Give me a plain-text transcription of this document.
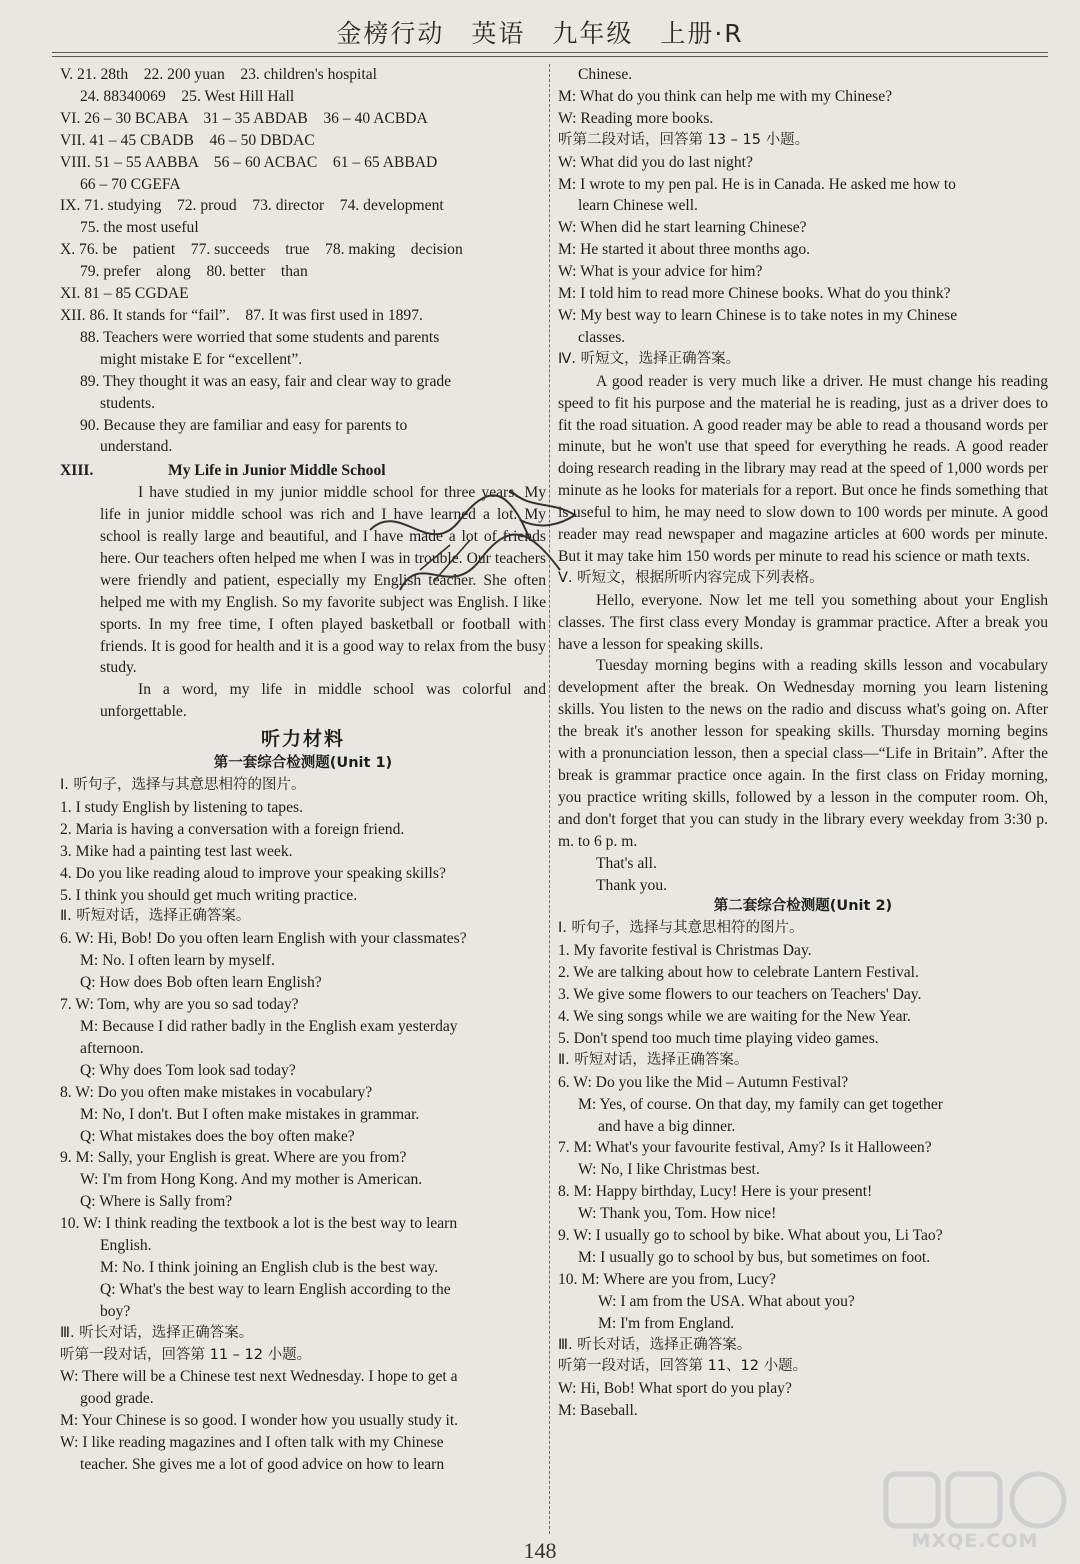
金榜行动　英语　九年级　上册·R
V. 21. 28th　22. 200 yuan　23. children's hospital
24. 88340069　25. West Hill Hall
VI. 26 – 30 BCABA　31 – 35 ABDAB　36 – 40 ACBDA
VII. 41 – 45 CBADB　46 – 50 DBDAC
VIII. 51 – 55 AABBA　56 – 60 ACBAC　61 – 65 ABBAD
66 – 70 CGEFA
IX. 71. studying　72. proud　73. director　74. development
75. the most useful
X. 76. be　patient　77. succeeds　true　78. making　decision
79. prefer　along　80. better　than
XI. 81 – 85 CGDAE
XII. 86. It stands for “fail”.　87. It was first used in 1897.
88. Teachers were worried that some students and parents
might mistake E for “excellent”.
89. They thought it was an easy, fair and clear way to grade
students.
90. Because they are familiar and easy for parents to
understand.
XIII.	My Life in Junior Middle School
I have studied in my junior middle school for three years. My life in junior middle school was rich and I have learned a lot. My school is really large and beautiful, and I have made a lot of friends here. Our teachers often helped me when I was in trouble. Our teachers were friendly and patient, especially my English teacher. She often helped me with my English. So my favorite subject was English. I like sports. In my free time, I often played basketball or football with friends. It is good for health and it is a good way to relax from the busy study.
In a word, my life in middle school was colorful and unforgettable.
听力材料
第一套综合检测题(Unit 1)
Ⅰ. 听句子，选择与其意思相符的图片。
1. I study English by listening to tapes.
2. Maria is having a conversation with a foreign friend.
3. Mike had a painting test last week.
4. Do you like reading aloud to improve your speaking skills?
5. I think you should get much writing practice.
Ⅱ. 听短对话，选择正确答案。
6. W: Hi, Bob! Do you often learn English with your classmates?
M: No. I often learn by myself.
Q: How does Bob often learn English?
7. W: Tom, why are you so sad today?
M: Because I did rather badly in the English exam yesterday
afternoon.
Q: Why does Tom look sad today?
8. W: Do you often make mistakes in vocabulary?
M: No, I don't. But I often make mistakes in grammar.
Q: What mistakes does the boy often make?
9. M: Sally, your English is great. Where are you from?
W: I'm from Hong Kong. And my mother is American.
Q: Where is Sally from?
10. W: I think reading the textbook a lot is the best way to learn
English.
M: No. I think joining an English club is the best way.
Q: What's the best way to learn English according to the
boy?
Ⅲ. 听长对话，选择正确答案。
听第一段对话，回答第 11 – 12 小题。
W: There will be a Chinese test next Wednesday. I hope to get a
good grade.
M: Your Chinese is so good. I wonder how you usually study it.
W: I like reading magazines and I often talk with my Chinese
teacher. She gives me a lot of good advice on how to learn
Chinese.
M: What do you think can help me with my Chinese?
W: Reading more books.
听第二段对话，回答第 13 – 15 小题。
W: What did you do last night?
M: I wrote to my pen pal. He is in Canada. He asked me how to
learn Chinese well.
W: When did he start learning Chinese?
M: He started it about three months ago.
W: What is your advice for him?
M: I told him to read more Chinese books. What do you think?
W: My best way to learn Chinese is to take notes in my Chinese
classes.
Ⅳ. 听短文，选择正确答案。
A good reader is very much like a driver. He must change his reading speed to fit his purpose and the material he is reading, just as a driver does to fit the road situation. A good reader may be able to read a thousand words per minute, but he won't use that speed for everything he reads. A good reader doing research reading in the library may read at the speed of 1,000 words per minute as he looks for materials for a report. But once he finds something that is useful to him, he may need to slow down to 100 words per minute. A good reader may read newspaper and magazine articles at 600 words per minute. But it may take him 150 words per minute to read his science or math texts.
Ⅴ. 听短文，根据所听内容完成下列表格。
Hello, everyone. Now let me tell you something about your English classes. The first class every Monday is grammar practice. After a break you have a lesson for speaking skills.
Tuesday morning begins with a reading skills lesson and vocabulary development after the break. On Wednesday morning you learn listening skills. You listen to the news on the radio and discuss what's going on. After the break it's another lesson for speaking skills. Thursday morning begins with a pronunciation lesson, then a special class—“Life in Britain”. After the break is grammar practice once again. In the first class on Friday morning, you practice writing skills, followed by a lesson in the computer room. Oh, and don't forget that you can study in the library every weekday from 3:30 p. m. to 6 p. m.
That's all.
Thank you.
第二套综合检测题(Unit 2)
Ⅰ. 听句子，选择与其意思相符的图片。
1. My favorite festival is Christmas Day.
2. We are talking about how to celebrate Lantern Festival.
3. We give some flowers to our teachers on Teachers' Day.
4. We sing songs while we are waiting for the New Year.
5. Don't spend too much time playing video games.
Ⅱ. 听短对话，选择正确答案。
6. W: Do you like the Mid – Autumn Festival?
M: Yes, of course. On that day, my family can get together
and have a big dinner.
7. M: What's your favourite festival, Amy? Is it Halloween?
W: No, I like Christmas best.
8. M: Happy birthday, Lucy! Here is your present!
W: Thank you, Tom. How nice!
9. W: I usually go to school by bike. What about you, Li Tao?
M: I usually go to school by bus, but sometimes on foot.
10. M: Where are you from, Lucy?
W: I am from the USA. What about you?
M: I'm from England.
Ⅲ. 听长对话，选择正确答案。
听第一段对话，回答第 11、12 小题。
W: Hi, Bob! What sport do you play?
M: Baseball.
148	MXQE.COM
